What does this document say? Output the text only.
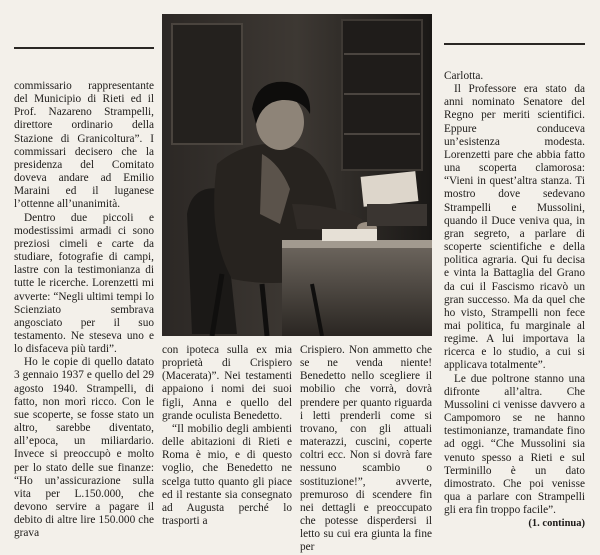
commissario rappresentante del Municipio di Rieti ed il Prof. Nazareno Strampelli, direttore ordinario della Stazione di Granicoltura”. I commissari decisero che la presidenza del Comitato doveva andare ad Emilio Maraini ed il luganese l’ottenne all’unanimità.

Dentro due piccoli e modestissimi armadi ci sono preziosi cimeli e carte da studiare, fotografie di campi, lastre con la testimonianza di tutte le ricerche. Lorenzetti mi avverte: “Negli ultimi tempi lo Scienziato sembrava angosciato per il suo testamento. Ne steseva uno e lo disfaceva più tardi”.

Ho le copie di quello datato 3 gennaio 1937 e quello del 29 agosto 1940. Strampelli, di fatto, non morì ricco. Con le sue scoperte, se fosse stato un altro, sarebbe diventato, all’epoca, un miliardario. Invece si preoccupò e molto per lo stato delle sue finanze: “Ho un’assicurazione sulla vita per L.150.000, che devono servire a pagare il debito di altre lire 150.000 che grava

con ipoteca sulla ex mia proprietà di Crispiero (Macerata)”. Nei testamenti appaiono i nomi dei suoi figli, Anna e quello del grande oculista Benedetto.

“Il mobilio degli ambienti delle abitazioni di Rieti e Roma è mio, e di questo voglio, che Benedetto ne scelga tutto quanto gli piace ed il restante sia consegnato ad Augusta perché lo trasporti a

Crispiero. Non ammetto che se ne venda niente! Benedetto nello scegliere il mobilio che vorrà, dovrà prendere per quanto riguarda i letti prenderli come si trovano, con gli attuali materazzi, cuscini, coperte coltri ecc. Non si dovrà fare nessuno scambio o sostituzione!”, avverte, premuroso di scendere fin nei dettagli e preoccupato che potesse disperdersi il letto su cui era giunta la fine per

Carlotta.

Il Professore era stato da anni nominato Senatore del Regno per meriti scientifici. Eppure conduceva un’esistenza modesta. Lorenzetti pare che abbia fatto una scoperta clamorosa: “Vieni in quest’altra stanza. Ti mostro dove sedevano Strampelli e Mussolini, quando il Duce veniva qua, in gran segreto, a parlare di scoperte scientifiche e della politica agraria. Qui fu decisa e vinta la Battaglia del Grano da cui il Fascismo ricavò un gran successo. Ma da quel che ho visto, Strampelli non fece mai politica, fu marginale al regime. A lui importava la ricerca e lo studio, a cui si applicava totalmente”.

Le due poltrone stanno una difronte all’altra. Che Mussolini ci venisse davvero a Campomoro se ne hanno testimonianze, tramandate fino ad oggi. “Che Mussolini sia venuto spesso a Rieti e sul Terminillo è un dato dimostrato. Che poi venisse qua a parlare con Strampelli gli era fin troppo facile”.

(1. continua)
